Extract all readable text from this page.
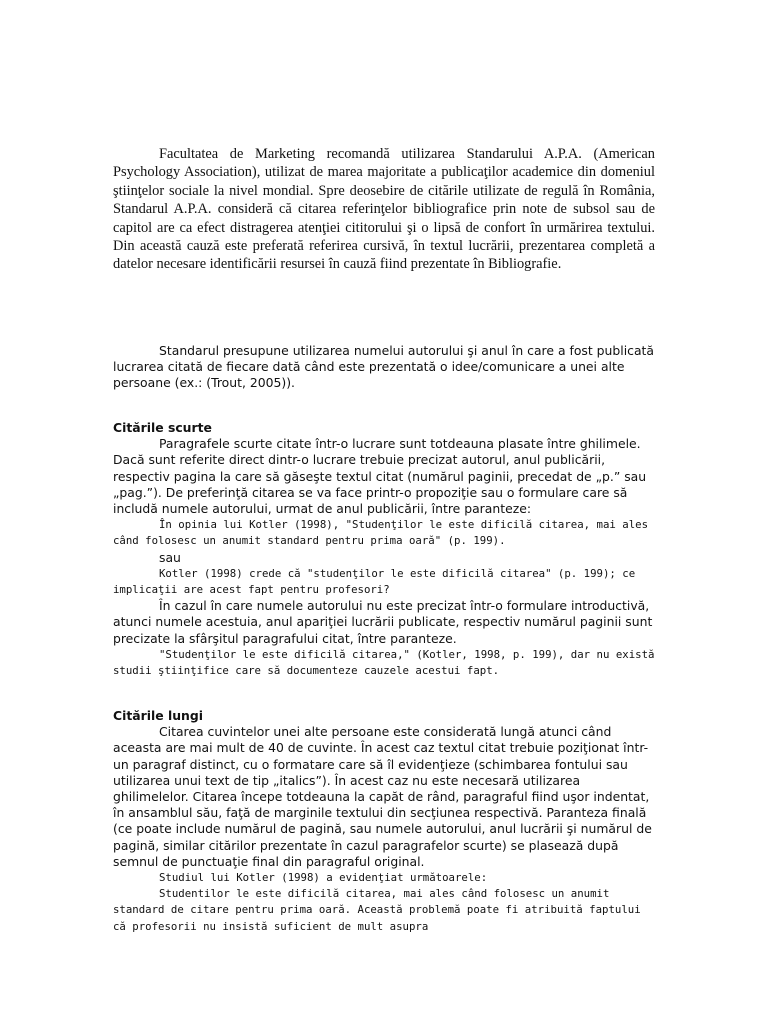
Facultatea de Marketing recomandă utilizarea Standarului A.P.A. (American Psychology Association), utilizat de marea majoritate a publicaţilor academice din domeniul ştiinţelor sociale la nivel mondial. Spre deosebire de citările utilizate de regulă în România, Standarul A.P.A. consideră că citarea referinţelor bibliografice prin note de subsol sau de capitol are ca efect distragerea atenţiei cititorului şi o lipsă de confort în urmărirea textului. Din această cauză este preferată referirea cursivă, în textul lucrării, prezentarea completă a datelor necesare identificării resursei în cauză fiind prezentate în Bibliografie.

Standarul presupune utilizarea numelui autorului şi anul în care a fost publicată lucrarea citată de fiecare dată când este prezentată o idee/comunicare a unei alte persoane (ex.: (Trout, 2005)).

Citările scurte
Paragrafele scurte citate într-o lucrare sunt totdeauna plasate între ghilimele. Dacă sunt referite direct dintr-o lucrare trebuie precizat autorul, anul publicării, respectiv pagina la care să găseşte textul citat (numărul paginii, precedat de „p.” sau „pag.”). De preferinţă citarea se va face printr-o propoziţie sau o formulare care să includă numele autorului, urmat de anul publicării, între paranteze:
În opinia lui Kotler (1998), "Studenţilor le este dificilă citarea, mai ales când folosesc un anumit standard pentru prima oară" (p. 199).
sau
Kotler (1998) crede că "studenţilor le este dificilă citarea" (p. 199); ce implicaţii are acest fapt pentru profesori?
În cazul în care numele autorului nu este precizat într-o formulare introductivă, atunci numele acestuia, anul apariţiei lucrării publicate, respectiv numărul paginii sunt precizate la sfârşitul paragrafului citat, între paranteze.
"Studenţilor le este dificilă citarea," (Kotler, 1998, p. 199), dar nu există studii ştiinţifice care să documenteze cauzele acestui fapt.
Citările lungi
Citarea cuvintelor unei alte persoane este considerată lungă atunci când aceasta are mai mult de 40 de cuvinte. În acest caz textul citat trebuie poziţionat într-un paragraf distinct, cu o formatare care să îl evidenţieze (schimbarea fontului sau utilizarea unui text de tip „italics”). În acest caz nu este necesară utilizarea ghilimelelor. Citarea începe totdeauna la capăt de rând, paragraful fiind uşor indentat, în ansamblul său, faţă de marginile textului din secţiunea respectivă. Paranteza finală (ce poate include numărul de pagină, sau numele autorului, anul lucrării şi numărul de pagină, similar citărilor prezentate în cazul paragrafelor scurte) se plasează după semnul de punctuaţie final din paragraful original.
Studiul lui Kotler (1998) a evidenţiat următoarele:
Studentilor le este dificilă citarea, mai ales când folosesc un anumit standard de citare pentru prima oară. Această problemă poate fi atribuită faptului că profesorii nu insistă suficient de mult asupra
